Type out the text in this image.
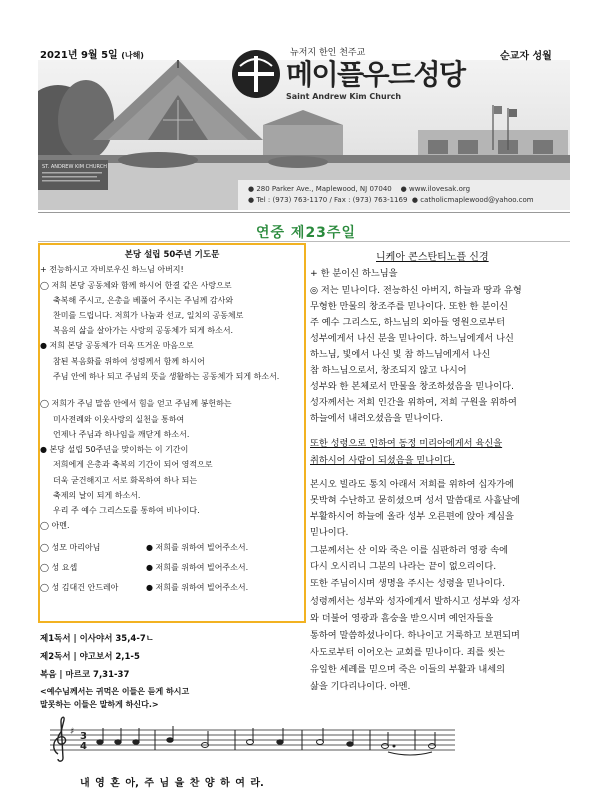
ST. ANDREW KIM CHURCH
2021년 9월 5일 (나해)	뉴저지 한인 천주교
메이플우드성당
Saint Andrew Kim Church
순교자 성월
● 280 Parker Ave., Maplewood, NJ 07040    ● www.ilovesak.org
● Tel : (973) 763-1170 / Fax : (973) 763-1169  ● catholicmaplewood@yahoo.com
연중 제23주일
본당 설립 50주년 기도문
+ 전능하시고 자비로우신 하느님 아버지!
◯ 저희 본당 공동체와 함께 하시어 한결 같은 사랑으로
축복해 주시고, 은총을 베풀어 주시는 주님께 감사와
찬미를 드립니다. 저희가 나눔과 선교, 일치의 공동체로
복음의 삶을 살아가는 사랑의 공동체가 되게 하소서.
● 저희 본당 공동체가 더욱 뜨거운 마음으로
참된 복음화를 위하여 성령께서 함께 하시어
주님 안에 하나 되고 주님의 뜻을 생활하는 공동체가 되게 하소서.
◯ 저희가 주님 말씀 안에서 힘을 얻고 주님께 봉헌하는
미사전례와 이웃사랑의 실천을 통하여
언제나 주님과 하나임을 깨닫게 하소서.
● 본당 설립 50주년을 맞이하는 이 기간이
저희에게 은총과 축복의 기간이 되어 영적으로
더욱 굳건해지고 서로 화목하여 하나 되는
축제의 날이 되게 하소서.
우리 주 예수 그리스도를 통하여 비나이다.
◯ 아멘.
◯ 성모 마리아님	● 저희를 위하여 빌어주소서.
◯ 성 요셉	● 저희를 위하여 빌어주소서.
◯ 성 김대건 안드레아	● 저희를 위하여 빌어주소서.
제1독서 | 이사야서 35,4-7ㄴ
제2독서 | 야고보서 2,1-5
복음 | 마르코 7,31-37
<예수님께서는 귀먹은 이들은 듣게 하시고
말못하는 이들은 말하게 하신다.>
니케아 콘스탄티노플 신경
+ 한 분이신 하느님을
◎ 저는 믿나이다. 전능하신 아버지, 하늘과 땅과 유형
무형한 만물의 창조주를 믿나이다. 또한 한 분이신
주 예수 그리스도, 하느님의 외아들 영원으로부터
성부에게서 나신 분을 믿나이다. 하느님에게서 나신
하느님, 빛에서 나신 빛 참 하느님에게서 나신
참 하느님으로서, 창조되지 않고 나시어
성부와 한 본체로서 만물을 창조하셨음을 믿나이다.
성자께서는 저희 인간을 위하여, 저희 구원을 위하여
하늘에서 내려오셨음을 믿나이다.
또한 성령으로 인하여 동정 미리아에게서 육신을
취하시어 사람이 되셨음을 믿나이다.
본시오 빌라도 통치 아래서 저희를 위하여 십자가에
못박혀 수난하고 묻히셨으며 성서 말씀대로 사흘날에
부활하시어 하늘에 올라 성부 오른편에 앉아 계심을
믿나이다.
그분께서는 산 이와 죽은 이를 심판하러 영광 속에
다시 오시리니 그분의 나라는 끝이 없으리이다.
또한 주님이시며 생명을 주시는 성령을 믿나이다.
성령께서는 성부와 성자에게서 발하시고 성부와 성자
와 더불어 영광과 흠숭을 받으시며 예언자들을
통하여 말씀하셨나이다. 하나이고 거룩하고 보편되며
사도로부터 이어오는 교회를 믿나이다. 죄를 씻는
유일한 세례를 믿으며 죽은 이들의 부활과 내세의
삶을 기다리나이다. 아멘.
♯ 3
4
내 영 혼 아, 주 님 을 찬 양 하 여 라.
